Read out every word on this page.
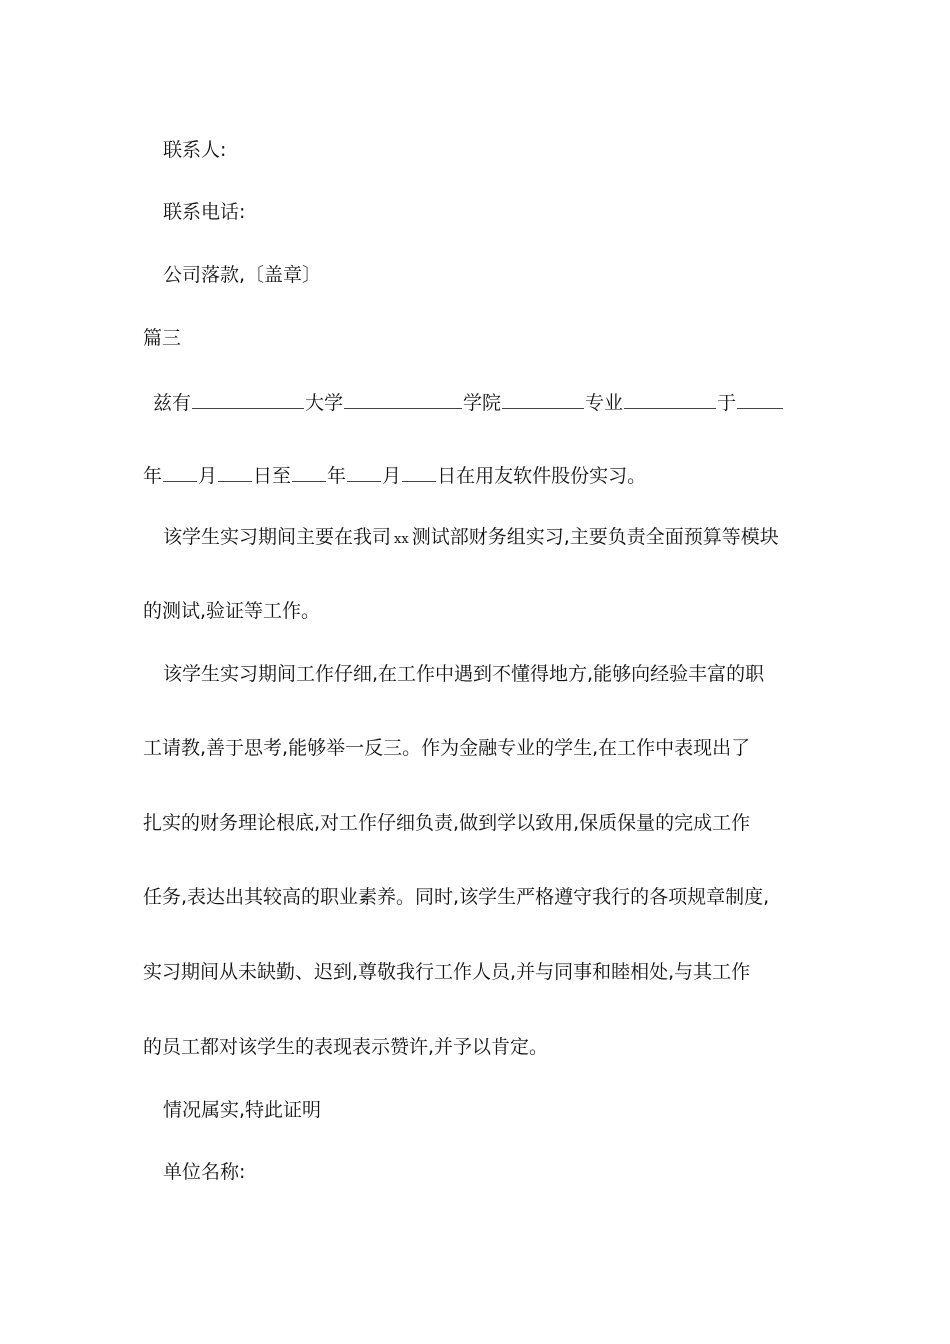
联系人:
联系电话:
公司落款,〔盖章〕
篇三
兹有	大学	学院	专业	于
年 月 日至 年 月 日在用友软件股份实习。
该学生实习期间主要在我司 xx 测试部财务组实习,主要负责全面预算等模块
的测试,验证等工作。
该学生实习期间工作仔细,在工作中遇到不懂得地方,能够向经验丰富的职
工请教,善于思考,能够举一反三。作为金融专业的学生,在工作中表现出了
扎实的财务理论根底,对工作仔细负责,做到学以致用,保质保量的完成工作
任务,表达出其较高的职业素养。同时,该学生严格遵守我行的各项规章制度,
实习期间从未缺勤、迟到,尊敬我行工作人员,并与同事和睦相处,与其工作
的员工都对该学生的表现表示赞许,并予以肯定。
情况属实,特此证明
单位名称:
